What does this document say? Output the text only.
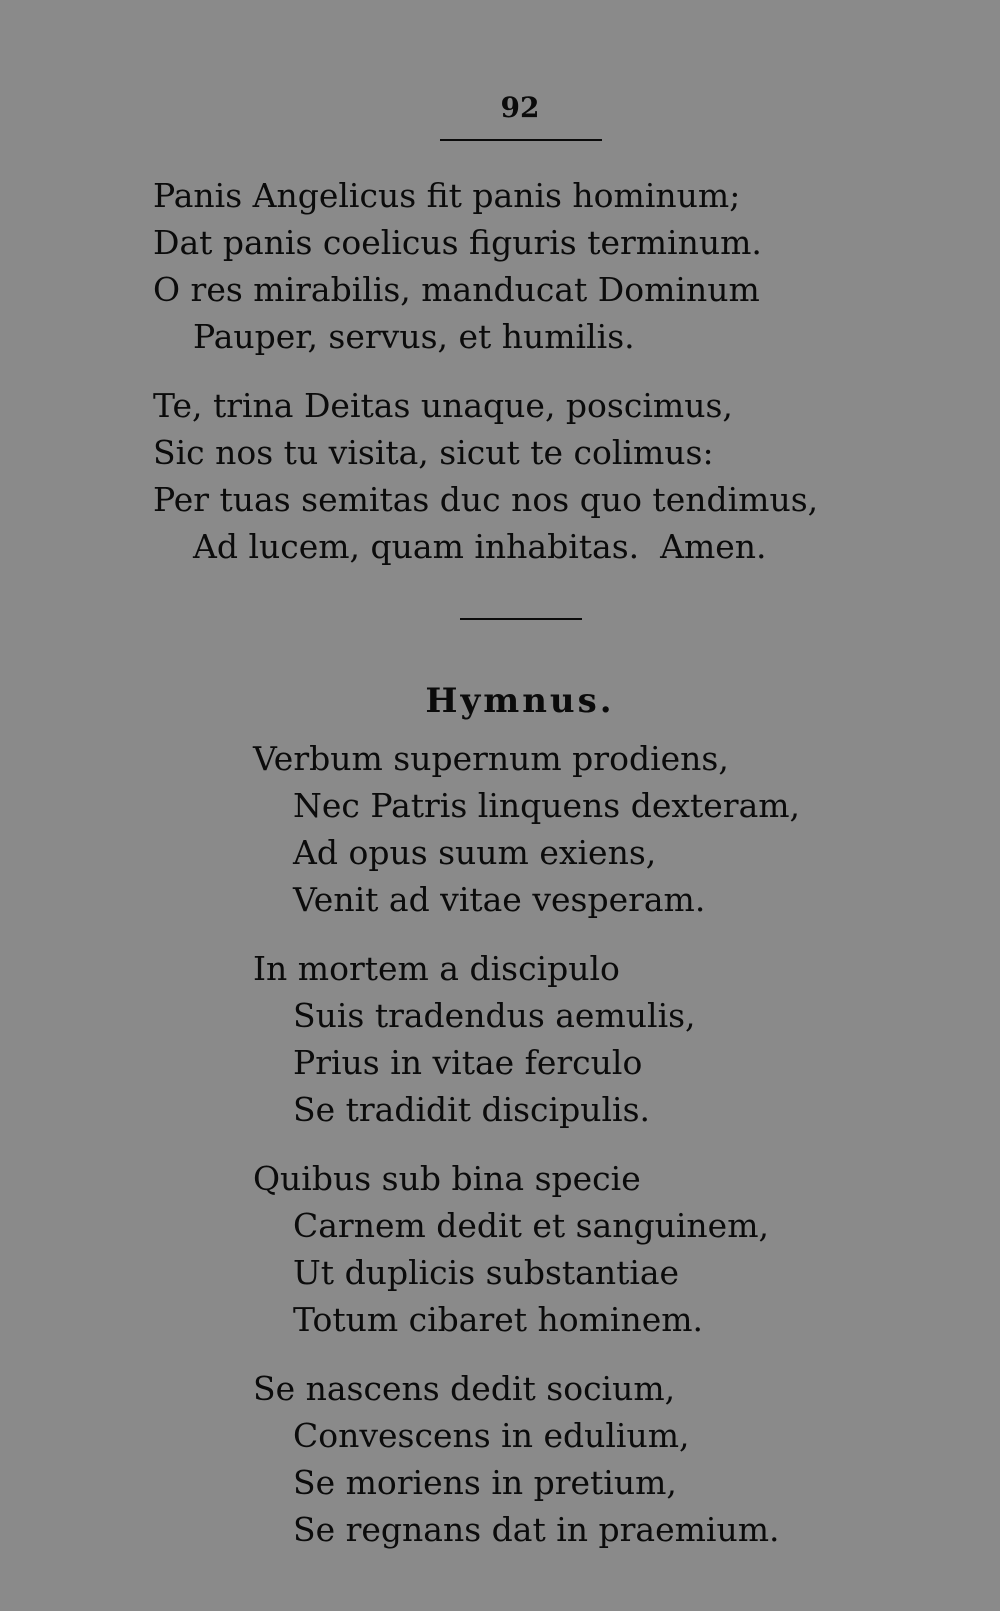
92
Panis Angelicus fit panis hominum;
Dat panis coelicus figuris terminum.
O res mirabilis, manducat Dominum
Pauper, servus, et humilis.
Te, trina Deitas unaque, poscimus,
Sic nos tu visita, sicut te colimus:
Per tuas semitas duc nos quo tendimus,
Ad lucem, quam inhabitas.  Amen.
Hymnus.
Verbum supernum prodiens,
Nec Patris linquens dexteram,
Ad opus suum exiens,
Venit ad vitae vesperam.
In mortem a discipulo
Suis tradendus aemulis,
Prius in vitae ferculo
Se tradidit discipulis.
Quibus sub bina specie
Carnem dedit et sanguinem,
Ut duplicis substantiae
Totum cibaret hominem.
Se nascens dedit socium,
Convescens in edulium,
Se moriens in pretium,
Se regnans dat in praemium.
